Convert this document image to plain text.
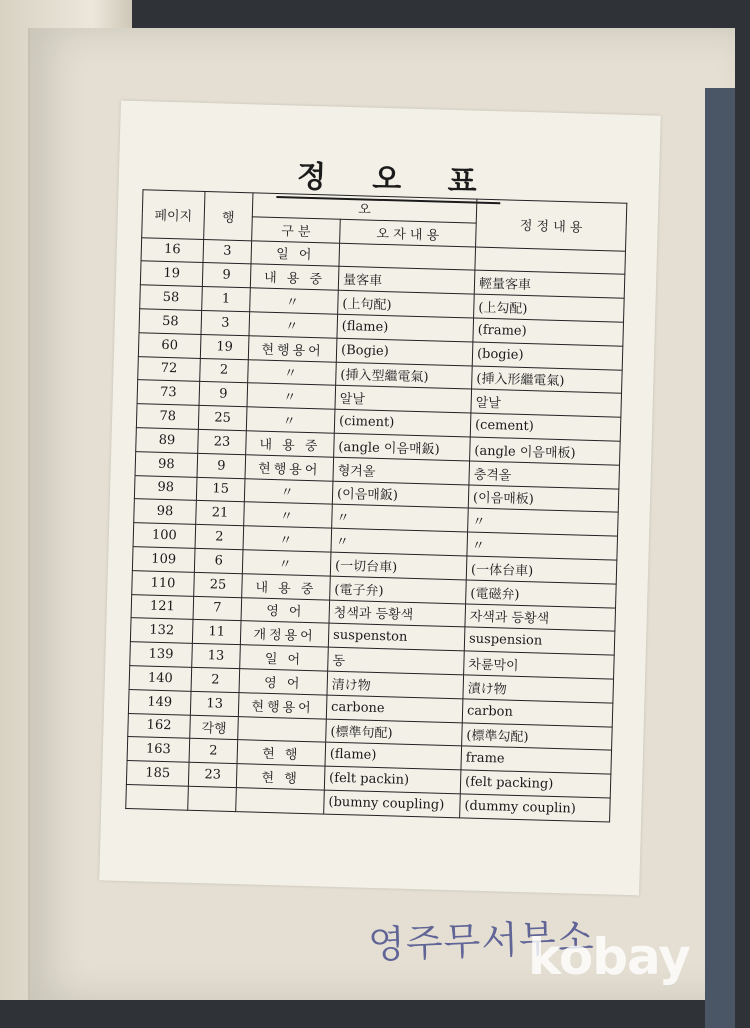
정 오 표
페이지	행	오		정 정 내 용
		구 분	오 자 내 용	
16	3	일 어		
19	9	내 용 중	量客車	輕量客車
58	1	〃	(上句配)	(上勾配)
58	3	〃	(flame)	(frame)
60	19	현행용어	(Bogie)	(bogie)
72	2	〃	(挿入型繼電氣)	(挿入形繼電氣)
73	9	〃	알날	알날
78	25	〃	(ciment)	(cement)
89	23	내 용 중	(angle 이음매鈑)	(angle 이음매板)
98	9	현행용어	형겨올	충격올
98	15	〃	(이음매鈑)	(이음매板)
98	21	〃	〃	〃
100	2	〃	〃	〃
109	6	〃	(一切台車)	(一体台車)
110	25	내 용 중	(電子弁)	(電磁弁)
121	7	영 어	청색과 등황색	자색과 등황색
132	11	개정용어	suspenston	suspension
139	13	일 어	동	차륜막이
140	2	영 어	清け物	漬け物
149	13	현행용어	carbone	carbon
162	각행		(標準句配)	(標準勾配)
163	2	현 행	(flame)	frame
185	23	현 행	(felt packin)	(felt packing)
			(bumny coupling)	(dummy couplin)
영주무서부소
kobay
